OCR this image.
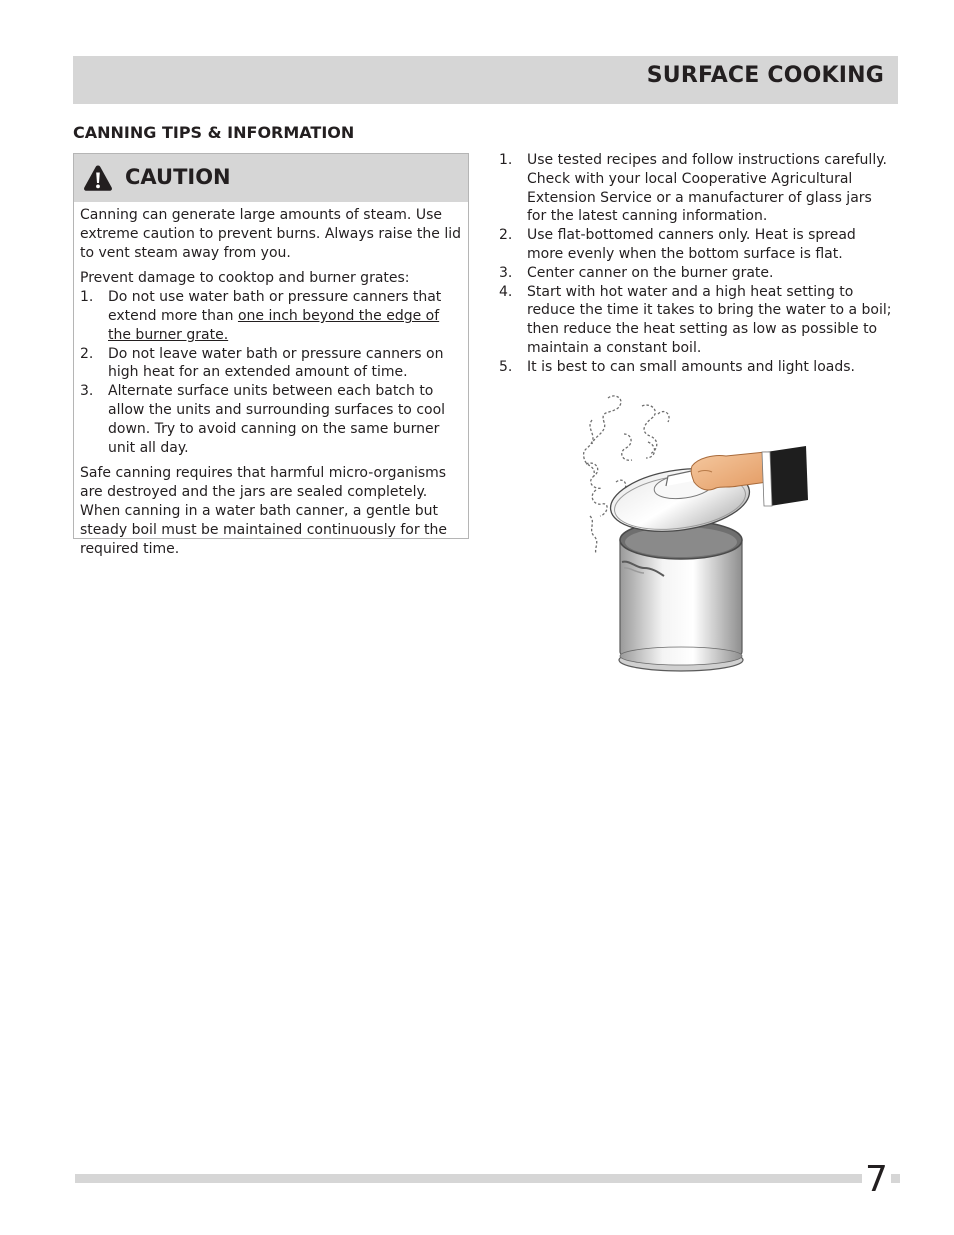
SURFACE COOKING
CANNING TIPS & INFORMATION
CAUTION

Canning can generate large amounts of steam. Use extreme caution to prevent burns. Always raise the lid to vent steam away from you.

Prevent damage to cooktop and burner grates:

1. Do not use water bath or pressure canners that extend more than one inch beyond the edge of the burner grate.
2. Do not leave water bath or pressure canners on high heat for an extended amount of time.
3. Alternate surface units between each batch to allow the units and surrounding surfaces to cool down. Try to avoid canning on the same burner unit all day.

Safe canning requires that harmful micro-organisms are destroyed and the jars are sealed completely. When canning in a water bath canner, a gentle but steady boil must be maintained continuously for the required time.

1. Use tested recipes and follow instructions carefully. Check with your local Cooperative Agricultural Extension Service or a manufacturer of glass jars for the latest canning information.
2. Use flat-bottomed canners only. Heat is spread more evenly when the bottom surface is flat.
3. Center canner on the burner grate.
4. Start with hot water and a high heat setting to reduce the time it takes to bring the water to a boil; then reduce the heat setting as low as possible to maintain a constant boil.
5. It is best to can small amounts and light loads.
7
